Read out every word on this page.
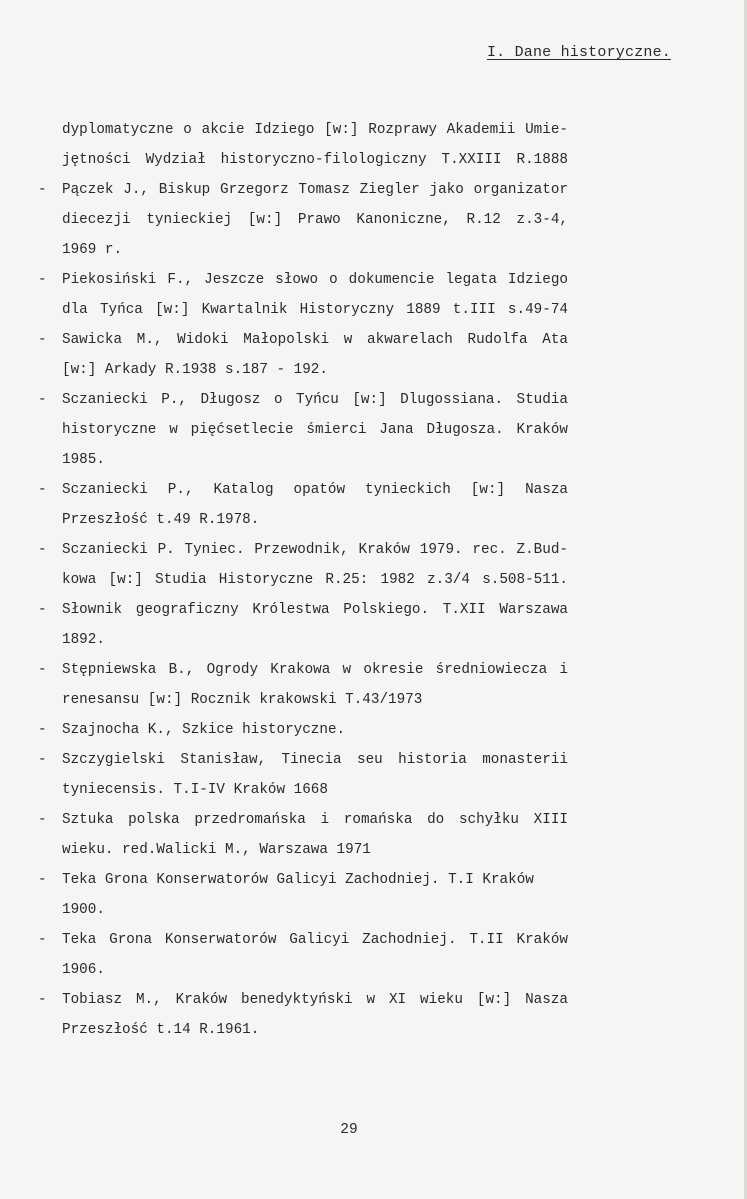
I. Dane historyczne.
dyplomatyczne o akcie Idziego [w:] Rozprawy Akademii Umie-
jętności Wydział historyczno-filologiczny T.XXIII R.1888
-	Pączek J., Biskup Grzegorz Tomasz Ziegler jako organizator
diecezji tynieckiej [w:] Prawo Kanoniczne, R.12 z.3-4,
1969 r.
-	Piekosiński F., Jeszcze słowo o dokumencie legata Idziego
dla Tyńca [w:] Kwartalnik Historyczny 1889 t.III s.49-74
-	Sawicka M., Widoki Małopolski w akwarelach Rudolfa Ata
[w:] Arkady R.1938 s.187 - 192.
-	Sczaniecki P., Długosz o Tyńcu [w:] Dlugossiana. Studia
historyczne w pięćsetlecie śmierci Jana Długosza. Kraków
1985.
-	Sczaniecki P., Katalog opatów tynieckich [w:] Nasza
Przeszłość t.49 R.1978.
-	Sczaniecki P. Tyniec. Przewodnik, Kraków 1979. rec. Z.Bud-
kowa [w:] Studia Historyczne R.25: 1982 z.3/4 s.508-511.
-	Słownik geograficzny Królestwa Polskiego. T.XII Warszawa
1892.
-	Stępniewska B., Ogrody Krakowa w okresie średniowiecza i
renesansu [w:] Rocznik krakowski T.43/1973
-	Szajnocha K., Szkice historyczne.
-	Szczygielski Stanisław, Tinecia seu historia monasterii
tyniecensis. T.I-IV Kraków 1668
-	Sztuka polska przedromańska i romańska do schyłku XIII
wieku. red.Walicki M., Warszawa 1971
-	Teka Grona Konserwatorów Galicyi Zachodniej. T.I Kraków
1900.
-	Teka Grona Konserwatorów Galicyi Zachodniej. T.II Kraków
1906.
-	Tobiasz M., Kraków benedyktyński w XI wieku [w:] Nasza
Przeszłość t.14 R.1961.
29
